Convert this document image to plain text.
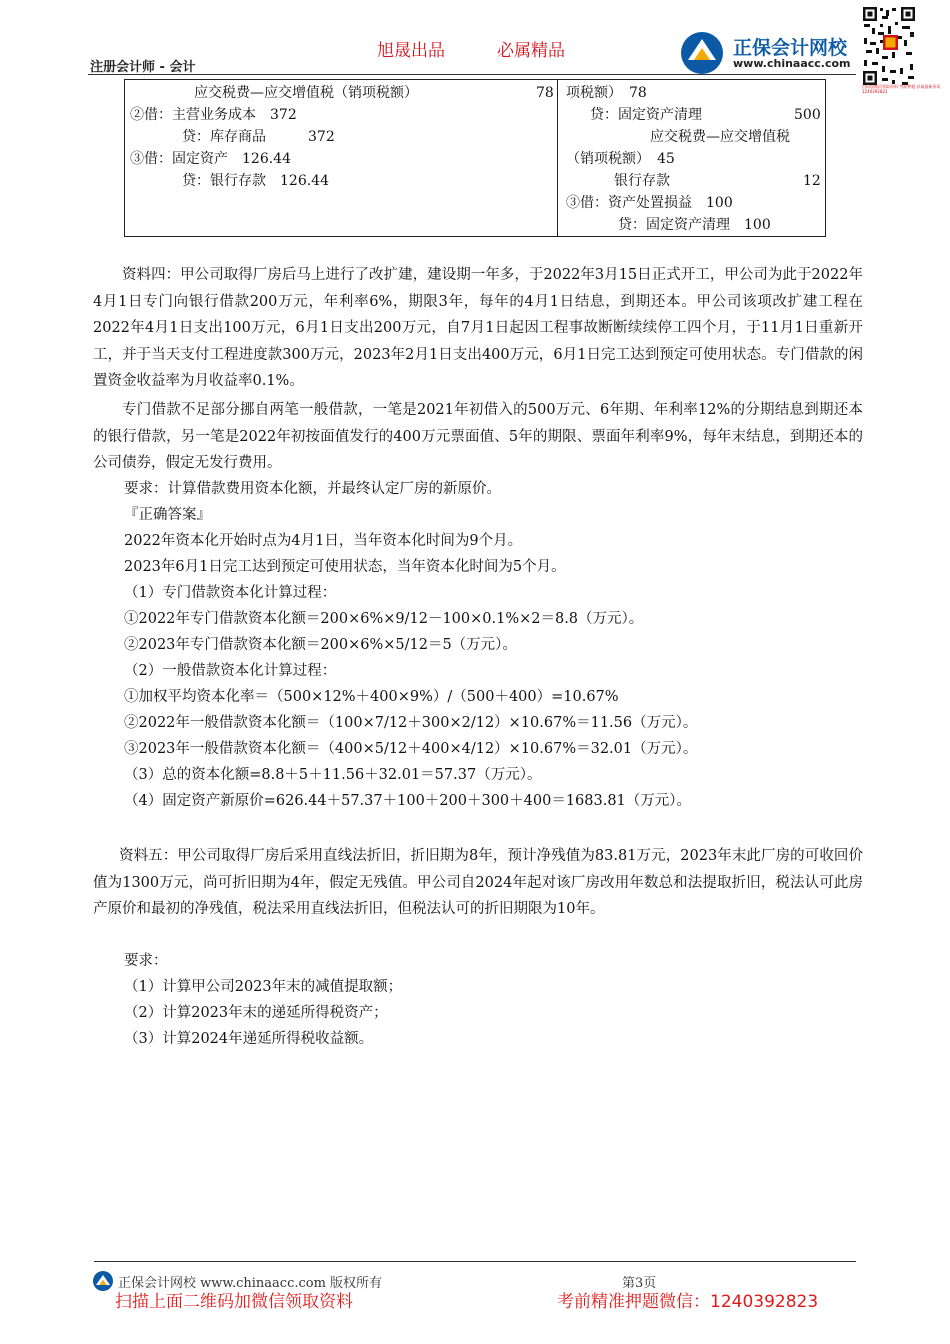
注册会计师 - 会计
旭晟出品	必属精品	正保会计网校
www.chinaacc.com
扫码加微信领取资料 考前押题 获取最新资讯 1240392823
应交税费—应交增值税（销项税额）	78
②借：主营业务成本　372
贷：库存商品　　　372
③借：固定资产　126.44
贷：银行存款　126.44
项税额）　78
贷：固定资产清理	500
应交税费—应交增值税
（销项税额）　45
银行存款	12
③借：资产处置损益　100
贷：固定资产清理　100
资料四：甲公司取得厂房后马上进行了改扩建，建设期一年多，于2022年3月15日正式开工，甲公司为此于2022年4月1日专门向银行借款200万元，年利率6%，期限3年，每年的4月1日结息，到期还本。甲公司该项改扩建工程在2022年4月1日支出100万元，6月1日支出200万元，自7月1日起因工程事故断断续续停工四个月，于11月1日重新开工，并于当天支付工程进度款300万元，2023年2月1日支出400万元，6月1日完工达到预定可使用状态。专门借款的闲置资金收益率为月收益率0.1%。
专门借款不足部分挪自两笔一般借款，一笔是2021年初借入的500万元、6年期、年利率12%的分期结息到期还本的银行借款，另一笔是2022年初按面值发行的400万元票面值、5年的期限、票面年利率9%，每年末结息，到期还本的公司债券，假定无发行费用。
要求：计算借款费用资本化额，并最终认定厂房的新原价。
『正确答案』
2022年资本化开始时点为4月1日，当年资本化时间为9个月。
2023年6月1日完工达到预定可使用状态，当年资本化时间为5个月。
（1）专门借款资本化计算过程：
①2022年专门借款资本化额＝200×6%×9/12－100×0.1%×2＝8.8（万元）。
②2023年专门借款资本化额＝200×6%×5/12＝5（万元）。
（2）一般借款资本化计算过程：
①加权平均资本化率＝（500×12%＋400×9%）/（500＋400）=10.67%
②2022年一般借款资本化额＝（100×7/12＋300×2/12）×10.67%＝11.56（万元）。
③2023年一般借款资本化额＝（400×5/12＋400×4/12）×10.67%＝32.01（万元）。
（3）总的资本化额=8.8＋5＋11.56＋32.01＝57.37（万元）。
（4）固定资产新原价=626.44＋57.37＋100＋200＋300＋400＝1683.81（万元）。
资料五：甲公司取得厂房后采用直线法折旧，折旧期为8年，预计净残值为83.81万元，2023年末此厂房的可收回价值为1300万元，尚可折旧期为4年，假定无残值。甲公司自2024年起对该厂房改用年数总和法提取折旧，税法认可此房产原价和最初的净残值，税法采用直线法折旧，但税法认可的折旧期限为10年。
要求：
（1）计算甲公司2023年末的减值提取额；
（2）计算2023年末的递延所得税资产；
（3）计算2024年递延所得税收益额。
正保会计网校 www.chinaacc.com 版权所有	第3页
扫描上面二维码加微信领取资料	考前精准押题微信：1240392823
